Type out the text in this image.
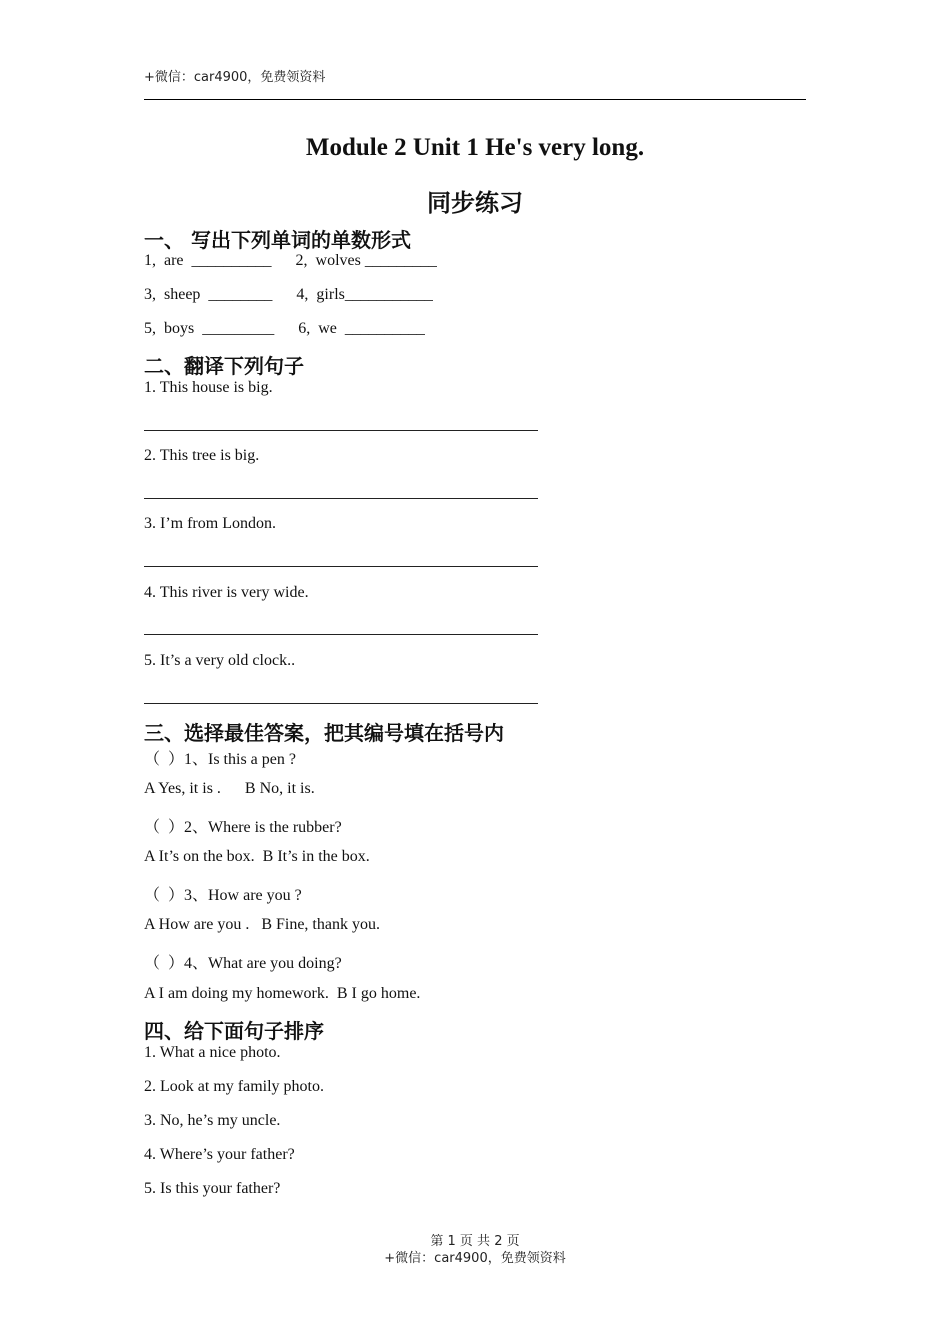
+微信：car4900，免费领资料
Module 2 Unit 1 He's very long.
同步练习
一、 写出下列单词的单数形式
1,  are  __________      2,  wolves _________
3,  sheep  ________      4,  girls___________
5,  boys  _________      6,  we  __________
二、翻译下列句子
1. This house is big.
2. This tree is big.
3. I’m from London.
4. This river is very wide.
5. It’s a very old clock..
三、选择最佳答案，把其编号填在括号内
（  ）1、Is this a pen ?
A Yes, it is .      B No, it is.
（  ）2、Where is the rubber?
A It’s on the box.  B It’s in the box.
（  ）3、How are you ?
A How are you .   B Fine, thank you.
（  ）4、What are you doing?
A I am doing my homework.  B I go home.
四、给下面句子排序
1. What a nice photo.
2. Look at my family photo.
3. No, he’s my uncle.
4. Where’s your father?
5. Is this your father?
第 1 页 共 2 页
+微信：car4900，免费领资料
